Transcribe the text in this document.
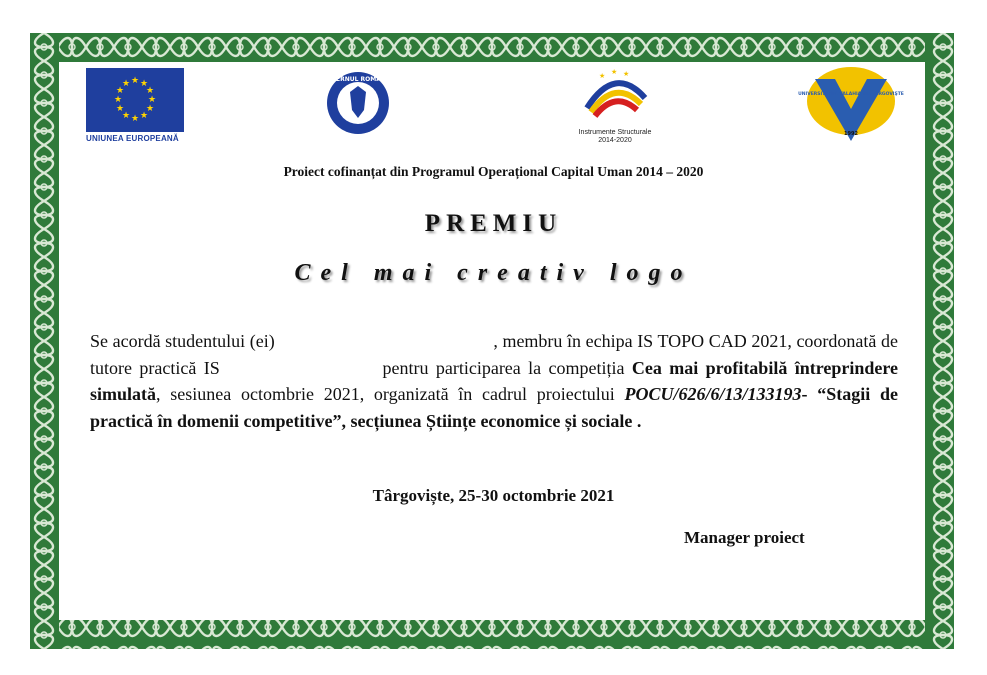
★ ★
★
★
★
★
★
★
★
★
★
★
UNIUNEA EUROPEANĂ
GUVERNUL ROMÂNIEI	★ ★ ★
Instrumente Structurale
2014-2020
UNIVERSITATEA VALAHIA din TÂRGOVIŞTE
1992
Proiect cofinanțat din Programul Operațional Capital Uman 2014 – 2020
PREMIU
Cel mai creativ logo
Se acordă studentului (ei)	, membru în echipa IS TOPO CAD 2021, coordonată de tutore practică IS	pentru participarea la competiția Cea mai profitabilă întreprindere simulată, sesiunea octombrie 2021, organizată în cadrul proiectului POCU/626/6/13/133193- “Stagii de practică în domenii competitive”, secțiunea Științe economice și sociale .
Târgoviște, 25-30 octombrie 2021
Manager proiect
